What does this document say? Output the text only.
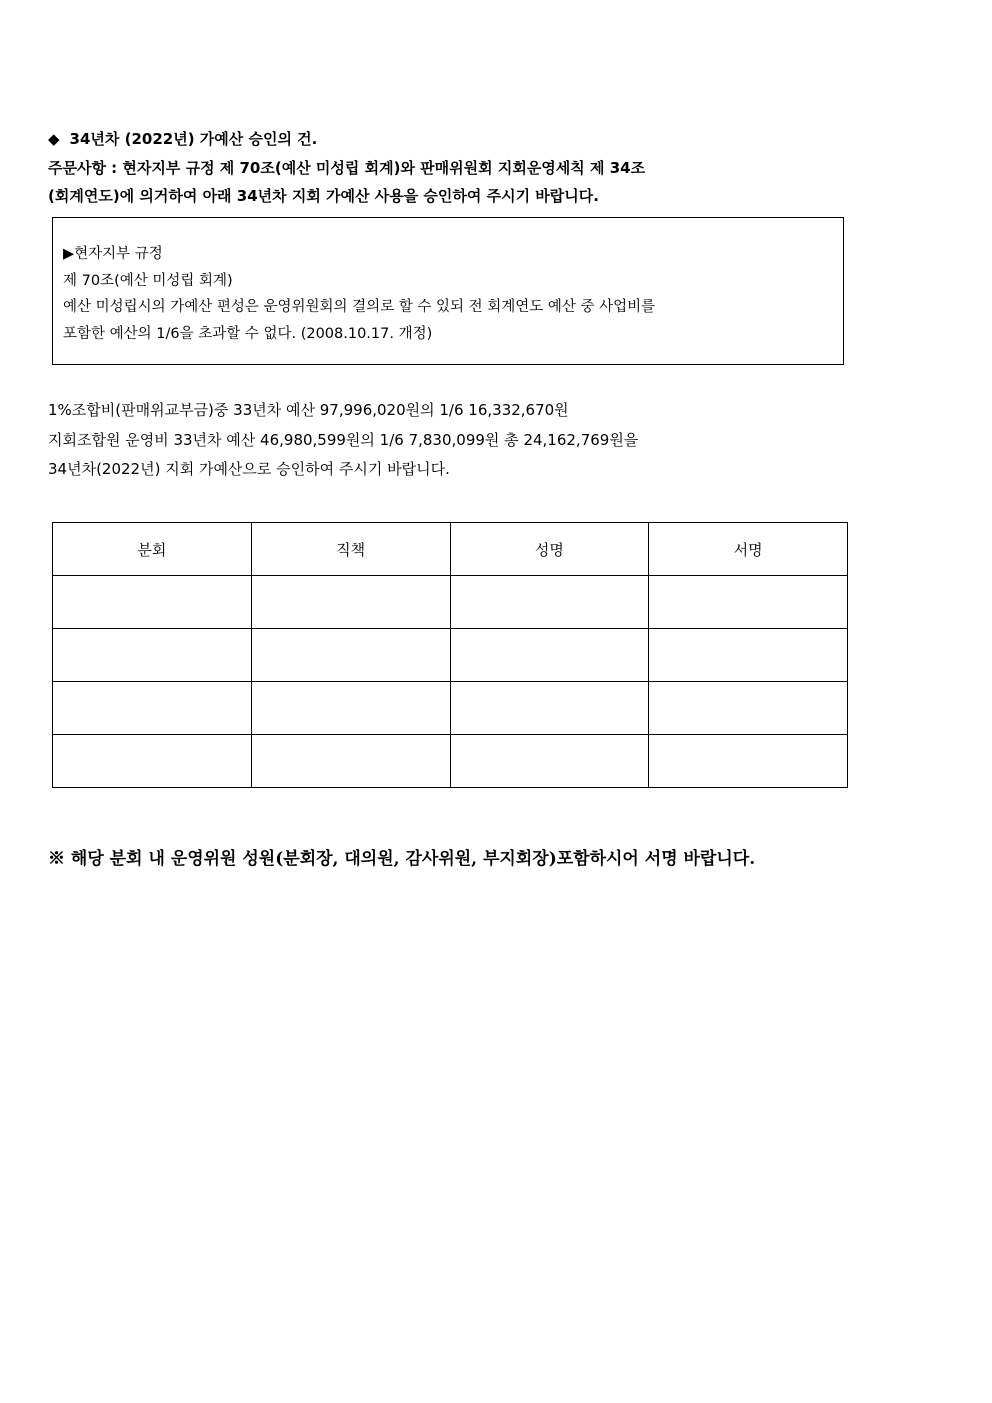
◆ 34년차 (2022년) 가예산 승인의 건.
주문사항 : 현자지부 규정 제 70조(예산 미성립 회계)와 판매위원회 지회운영세칙 제 34조
(회계연도)에 의거하여 아래 34년차 지회 가예산 사용을 승인하여 주시기 바랍니다.
▶현자지부 규정
제 70조(예산 미성립 회계)
예산 미성립시의 가예산 편성은 운영위원회의 결의로 할 수 있되 전 회계연도 예산 중 사업비를
포함한 예산의 1/6을 초과할 수 없다. (2008.10.17. 개정)
1%조합비(판매위교부금)중 33년차 예산 97,996,020원의 1/6 16,332,670원
지회조합원 운영비 33년차 예산 46,980,599원의 1/6 7,830,099원 총 24,162,769원을
34년차(2022년) 지회 가예산으로 승인하여 주시기 바랍니다.
분회	직책	성명	서명

※ 해당 분회 내 운영위원 성원(분회장, 대의원, 감사위원, 부지회장)포함하시어 서명 바랍니다.
